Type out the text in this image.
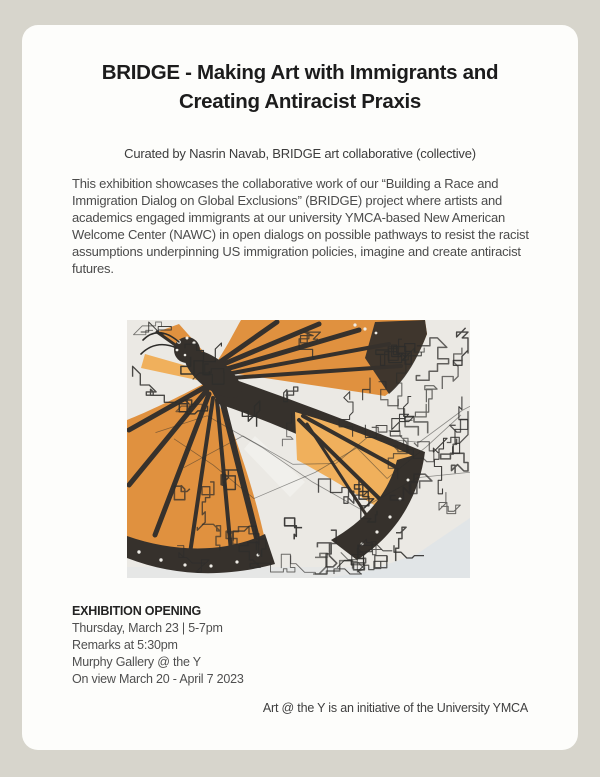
BRIDGE - Making Art with Immigrants and
Creating Antiracist Praxis
Curated by Nasrin Navab, BRIDGE art collaborative (collective)
This exhibition showcases the collaborative work of our “Building a Race and Immigration Dialog on Global Exclusions” (BRIDGE) project where artists and academics engaged immigrants at our university YMCA-based New American Welcome Center (NAWC) in open dialogs on possible pathways to resist the racist assumptions underpinning US immigration policies, imagine and create antiracist futures.
EXHIBITION OPENING
Thursday, March 23 | 5-7pm
Remarks at 5:30pm
Murphy Gallery @ the Y
On view March 20 - April 7 2023
Art @ the Y is an initiative of the University YMCA
